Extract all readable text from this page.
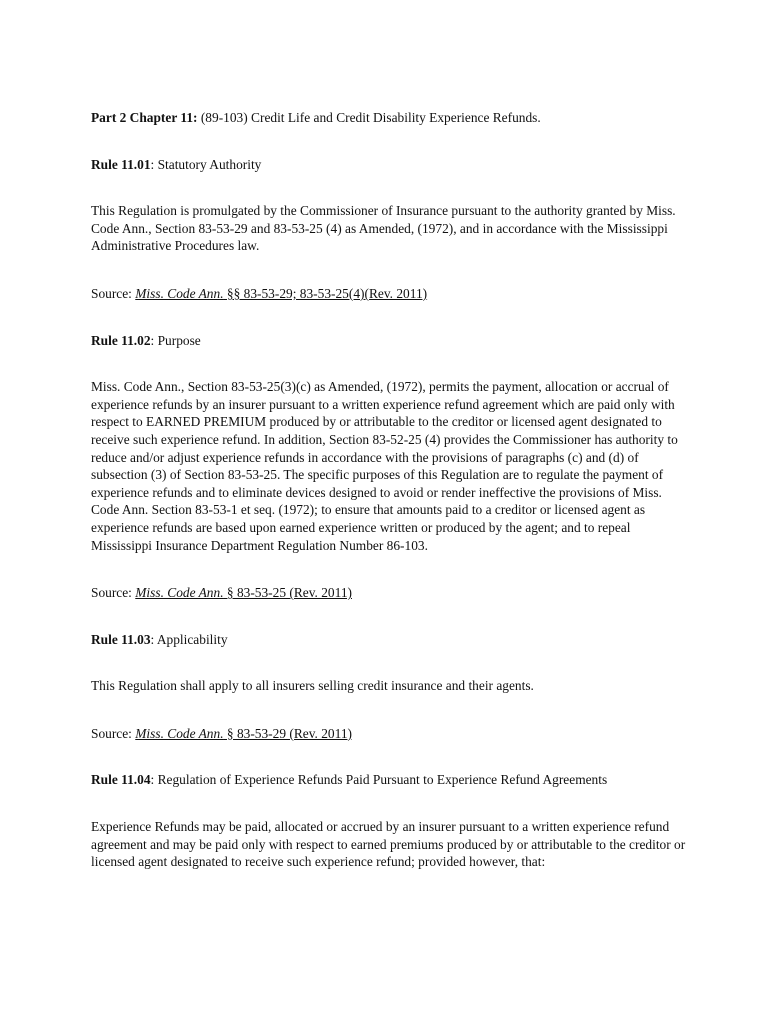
Part 2 Chapter 11: (89-103) Credit Life and Credit Disability Experience Refunds.

Rule 11.01: Statutory Authority

This Regulation is promulgated by the Commissioner of Insurance pursuant to the authority granted by Miss. Code Ann., Section 83-53-29 and 83-53-25 (4) as Amended, (1972), and in accordance with the Mississippi Administrative Procedures law.

Source: Miss. Code Ann. §§ 83-53-29; 83-53-25(4)(Rev. 2011)

Rule 11.02: Purpose

Miss. Code Ann., Section 83-53-25(3)(c) as Amended, (1972), permits the payment, allocation or accrual of experience refunds by an insurer pursuant to a written experience refund agreement which are paid only with respect to EARNED PREMIUM produced by or attributable to the creditor or licensed agent designated to receive such experience refund. In addition, Section 83-52-25 (4) provides the Commissioner has authority to reduce and/or adjust experience refunds in accordance with the provisions of paragraphs (c) and (d) of subsection (3) of Section 83-53-25. The specific purposes of this Regulation are to regulate the payment of experience refunds and to eliminate devices designed to avoid or render ineffective the provisions of Miss. Code Ann. Section 83-53-1 et seq. (1972); to ensure that amounts paid to a creditor or licensed agent as experience refunds are based upon earned experience written or produced by the agent; and to repeal Mississippi Insurance Department Regulation Number 86-103.

Source: Miss. Code Ann. § 83-53-25 (Rev. 2011)

Rule 11.03: Applicability

This Regulation shall apply to all insurers selling credit insurance and their agents.

Source: Miss. Code Ann. § 83-53-29 (Rev. 2011)

Rule 11.04: Regulation of Experience Refunds Paid Pursuant to Experience Refund Agreements

Experience Refunds may be paid, allocated or accrued by an insurer pursuant to a written experience refund agreement and may be paid only with respect to earned premiums produced by or attributable to the creditor or licensed agent designated to receive such experience refund; provided however, that:
